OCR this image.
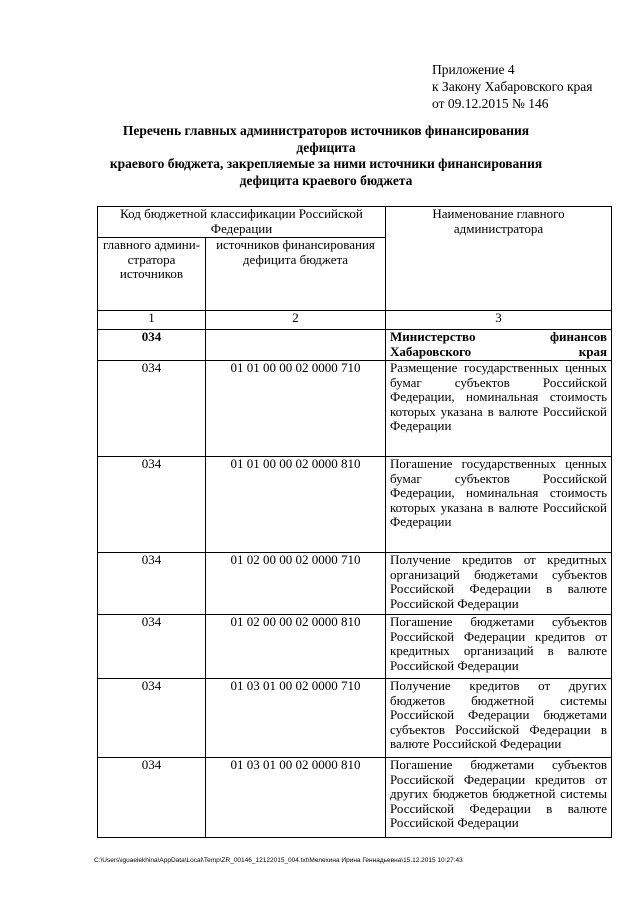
Приложение 4
к Закону Хабаровского края
от 09.12.2015 № 146
Перечень главных администраторов источников финансирования дефицита
краевого бюджета, закрепляемые за ними источники финансирования
дефицита краевого бюджета
Код бюджетной классификации Российской Федерации		Наименование главного администратора
главного админи-стратора источников	источников финансирования дефицита бюджета	
1	2	3
034		Министерство финансов Хабаровского края

034	01 01 00 00 02 0000 710	Размещение государственных ценных бумаг субъектов Российской Федерации, номинальная стоимость которых указана в валюте Российской Федерации
034	01 01 00 00 02 0000 810	Погашение государственных ценных бумаг субъектов Российской Федерации, номинальная стоимость которых указана в валюте Российской Федерации
034	01 02 00 00 02 0000 710	Получение кредитов от кредитных организаций бюджетами субъектов Российской Федерации в валюте Российской Федерации
034	01 02 00 00 02 0000 810	Погашение бюджетами субъектов Российской Федерации кредитов от кредитных организаций в валюте Российской Федерации
034	01 03 01 00 02 0000 710	Получение кредитов от других бюджетов бюджетной системы Российской Федерации бюджетами субъектов Российской Федерации в валюте Российской Федерации
034	01 03 01 00 02 0000 810	Погашение бюджетами субъектов Российской Федерации кредитов от других бюджетов бюджетной системы Российской Федерации в валюте Российской Федерации
C:\Users\iguaelekhina\AppData\Local\Temp\ZR_00146_12122015_004.txt\Мелехина Ирина Геннадьевна\15.12.2015 10:27:43
